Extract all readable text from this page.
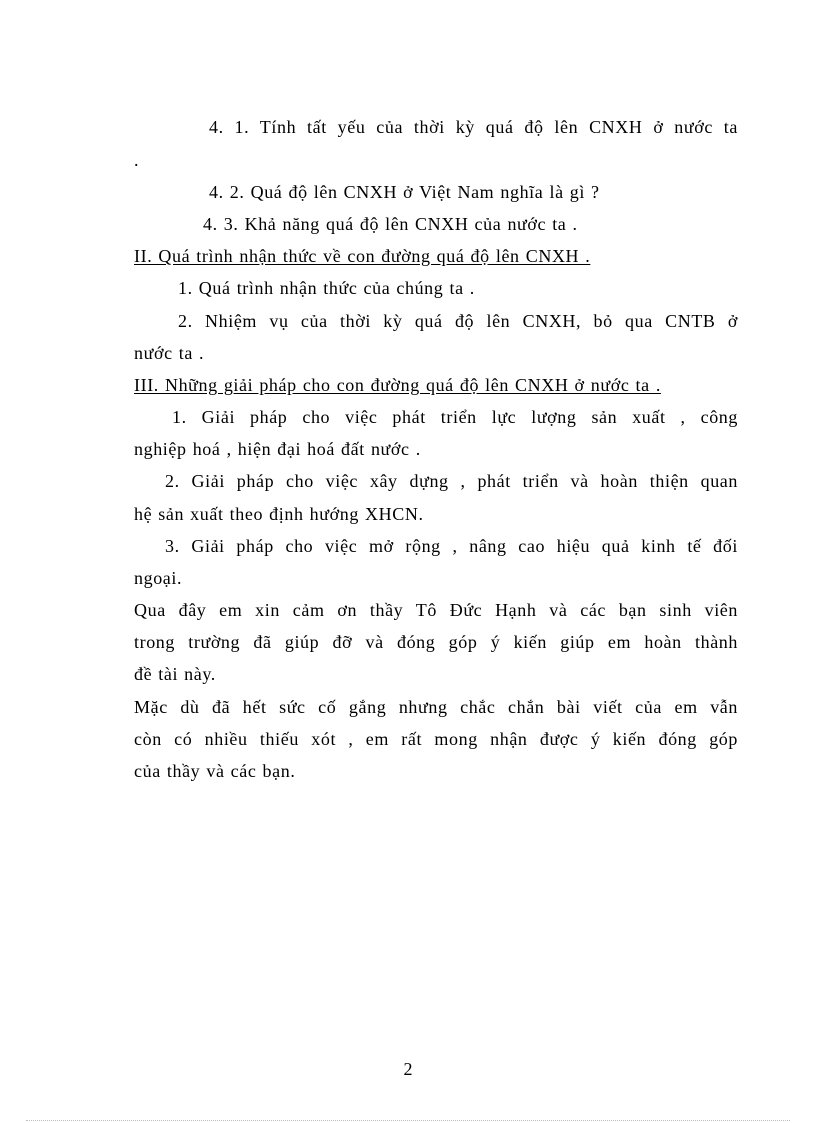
4. 1. Tính tất yếu của thời kỳ quá độ lên CNXH ở nước ta
.
4. 2. Quá độ lên CNXH ở Việt Nam nghĩa là gì ?
4. 3. Khả năng quá độ lên CNXH của nước ta .
II. Quá trình nhận thức về con đường quá độ lên CNXH .
1. Quá trình nhận thức của chúng ta .
2. Nhiệm vụ của thời kỳ quá độ lên CNXH, bỏ qua CNTB ở
nước ta .
III. Những giải pháp cho con đường quá độ lên CNXH ở nước ta .
1. Giải pháp cho việc phát triển lực lượng sản xuất , công
nghiệp hoá , hiện đại hoá đất nước .
2. Giải pháp cho việc xây dựng , phát triển và hoàn thiện quan
hệ sản xuất theo định hướng XHCN.
3. Giải pháp cho việc mở rộng , nâng cao hiệu quả kinh tế đối
ngoại.
Qua đây em xin cảm ơn thầy Tô Đức Hạnh và các bạn sinh viên
trong trường đã giúp đỡ và đóng góp ý kiến giúp em hoàn thành
đề tài này.
Mặc dù đã hết sức cố gắng nhưng chắc chắn bài viết của em vẫn
còn có nhiều thiếu xót , em rất mong nhận được ý kiến đóng góp
của thầy và các bạn.
2
